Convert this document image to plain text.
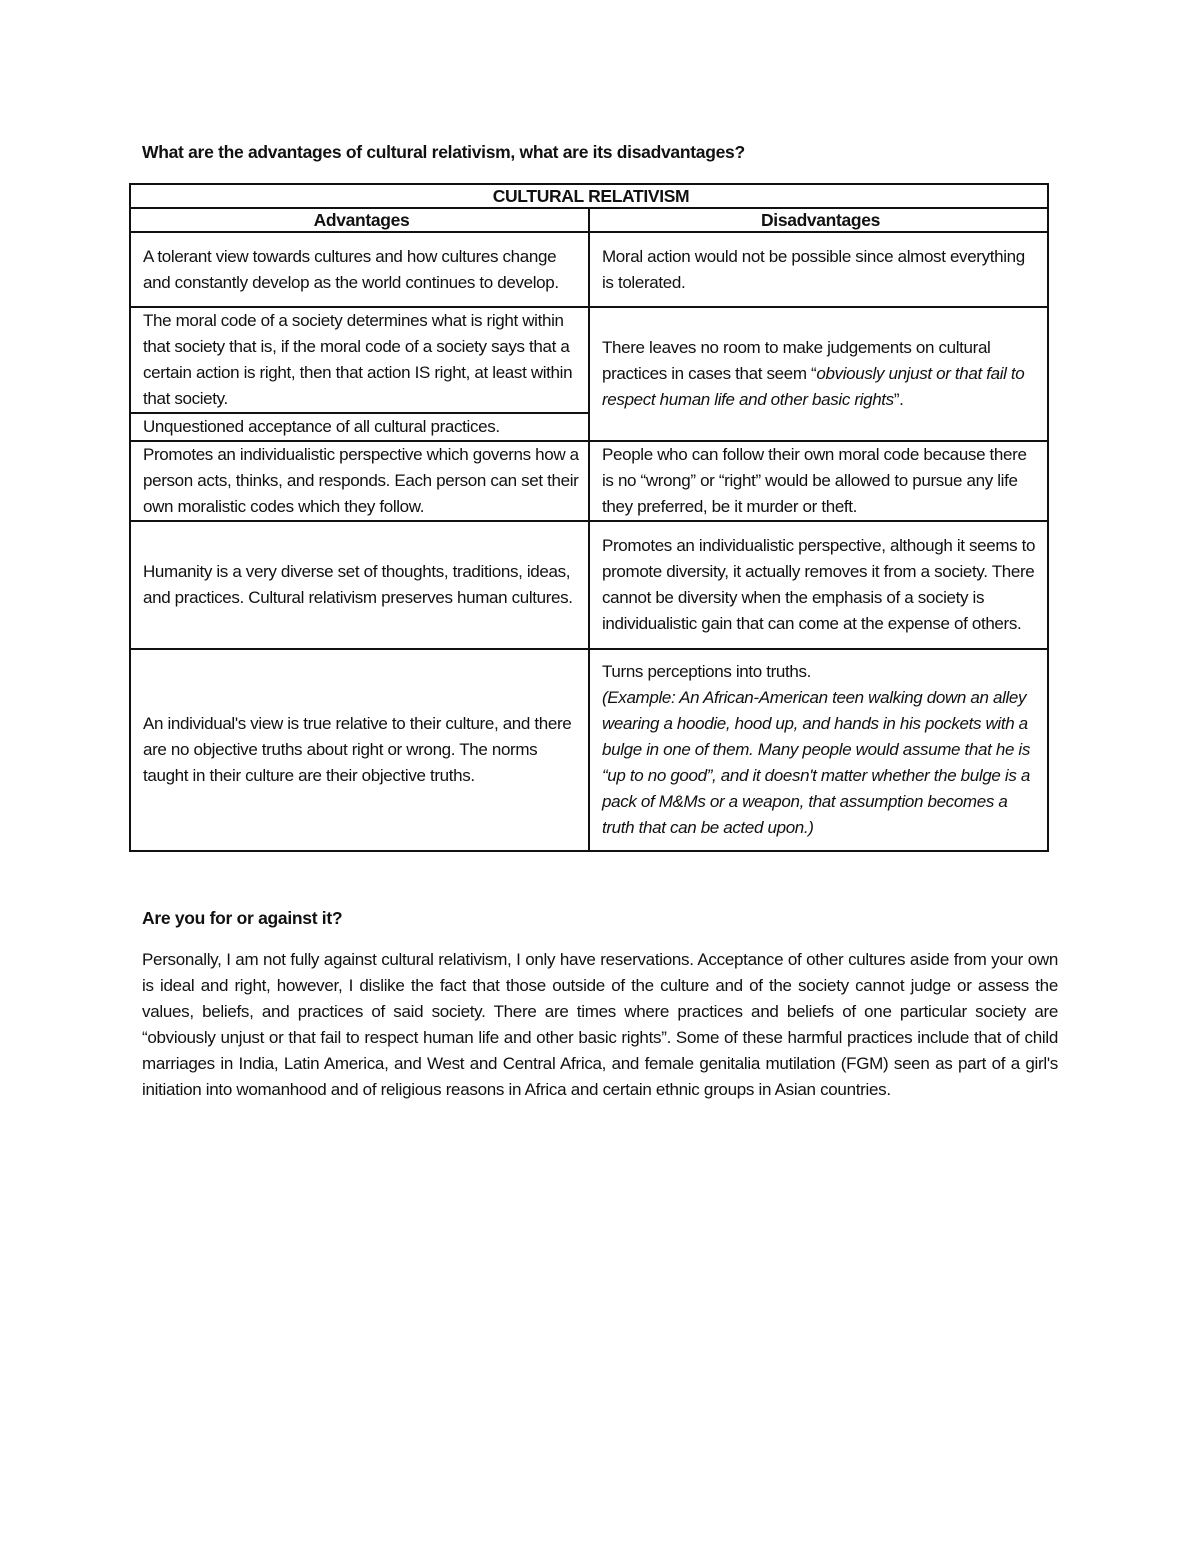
What are the advantages of cultural relativism, what are its disadvantages?

CULTURAL RELATIVISM	
Advantages	Disadvantages
A tolerant view towards cultures and how cultures change and constantly develop as the world continues to develop.	Moral action would not be possible since almost everything is tolerated.
The moral code of a society determines what is right within that society that is, if the moral code of a society says that a certain action is right, then that action IS right, at least within that society.	There leaves no room to make judgements on cultural practices in cases that seem “obviously unjust or that fail to respect human life and other basic rights”.
Unquestioned acceptance of all cultural practices.	
Promotes an individualistic perspective which governs how a person acts, thinks, and responds. Each person can set their own moralistic codes which they follow.	People who can follow their own moral code because there is no “wrong” or “right” would be allowed to pursue any life they preferred, be it murder or theft.
Humanity is a very diverse set of thoughts, traditions, ideas, and practices. Cultural relativism preserves human cultures.	Promotes an individualistic perspective, although it seems to promote diversity, it actually removes it from a society. There cannot be diversity when the emphasis of a society is individualistic gain that can come at the expense of others.
An individual's view is true relative to their culture, and there are no objective truths about right or wrong. The norms taught in their culture are their objective truths.	Turns perceptions into truths.
(Example: An African-American teen walking down an alley wearing a hoodie, hood up, and hands in his pockets with a bulge in one of them. Many people would assume that he is “up to no good”, and it doesn't matter whether the bulge is a pack of M&Ms or a weapon, that assumption becomes a truth that can be acted upon.)

Are you for or against it?

Personally, I am not fully against cultural relativism, I only have reservations. Acceptance of other cultures aside from your own is ideal and right, however, I dislike the fact that those outside of the culture and of the society cannot judge or assess the values, beliefs, and practices of said society. There are times where practices and beliefs of one particular society are “obviously unjust or that fail to respect human life and other basic rights”. Some of these harmful practices include that of child marriages in India, Latin America, and West and Central Africa, and female genitalia mutilation (FGM) seen as part of a girl's initiation into womanhood and of religious reasons in Africa and certain ethnic groups in Asian countries.
